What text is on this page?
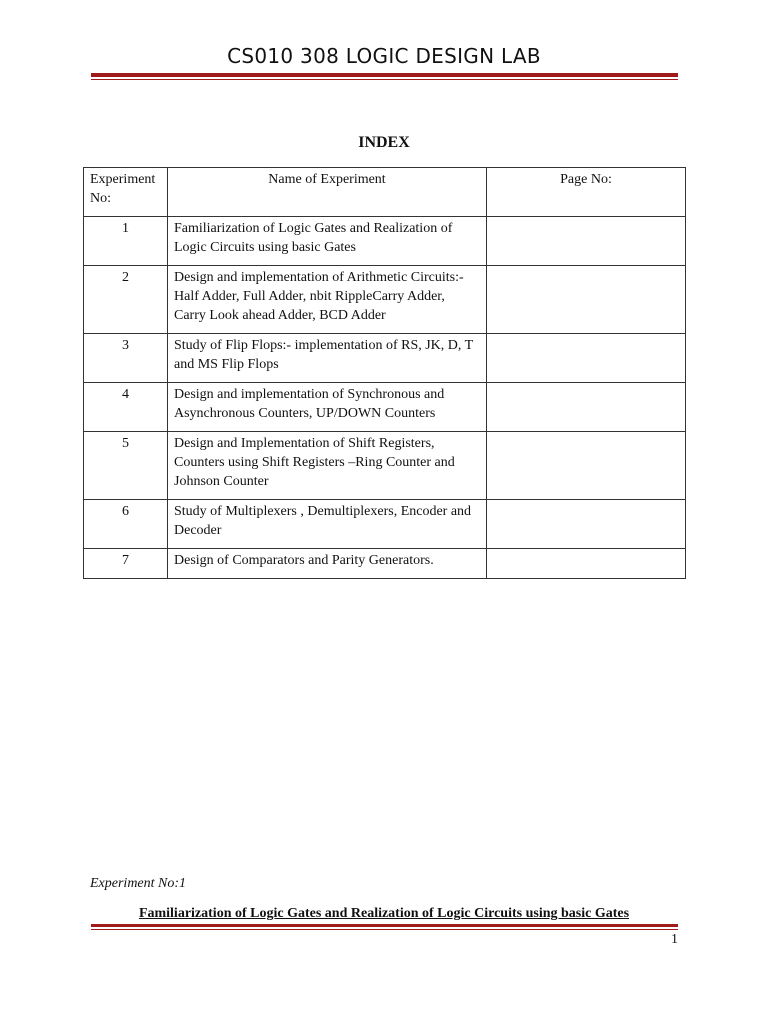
CS010 308 LOGIC DESIGN LAB
INDEX
Experiment No:	Name of Experiment	Page No:
1	Familiarization of Logic Gates and Realization of Logic Circuits using basic Gates	
2	Design and implementation of Arithmetic Circuits:- Half Adder, Full Adder, nbit RippleCarry Adder, Carry Look ahead Adder, BCD Adder	
3	Study of Flip Flops:- implementation of RS, JK, D, T and MS Flip Flops	
4	Design and implementation of Synchronous and Asynchronous Counters, UP/DOWN Counters	
5	Design and Implementation of Shift Registers, Counters using Shift Registers –Ring Counter and Johnson Counter	
6	Study of Multiplexers , Demultiplexers, Encoder and Decoder	
7	Design of Comparators and Parity Generators.	
Experiment No:1
Familiarization of Logic Gates and Realization of Logic Circuits using basic Gates
1
